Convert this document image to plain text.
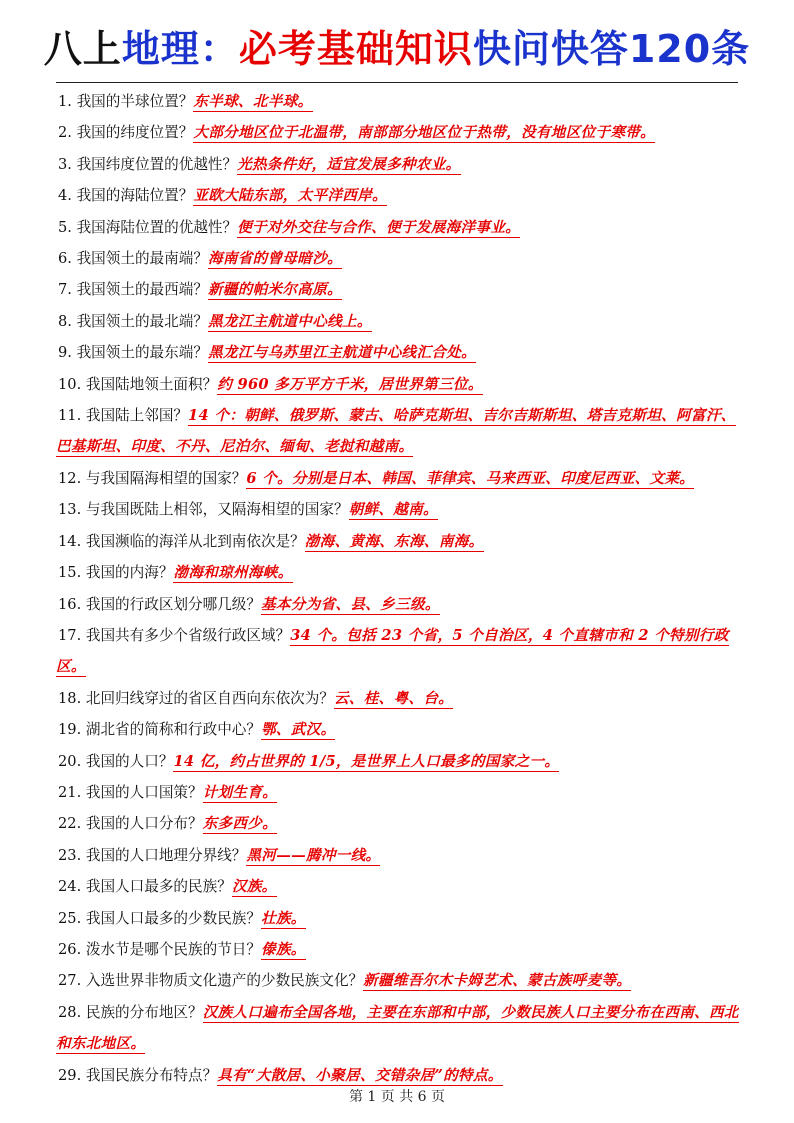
八上地理：必考基础知识快问快答120条
1. 我国的半球位置？东半球、北半球。
2. 我国的纬度位置？大部分地区位于北温带，南部部分地区位于热带，没有地区位于寒带。
3. 我国纬度位置的优越性？光热条件好，适宜发展多种农业。
4. 我国的海陆位置？亚欧大陆东部，太平洋西岸。
5. 我国海陆位置的优越性？便于对外交往与合作、便于发展海洋事业。
6. 我国领土的最南端？海南省的曾母暗沙。
7. 我国领土的最西端？新疆的帕米尔高原。
8. 我国领土的最北端？黑龙江主航道中心线上。
9. 我国领土的最东端？黑龙江与乌苏里江主航道中心线汇合处。
10. 我国陆地领土面积？约 960 多万平方千米，居世界第三位。
11. 我国陆上邻国？14 个：朝鲜、俄罗斯、蒙古、哈萨克斯坦、吉尔吉斯斯坦、塔吉克斯坦、阿富汗、巴基斯坦、印度、不丹、尼泊尔、缅甸、老挝和越南。
12. 与我国隔海相望的国家？6 个。分别是日本、韩国、菲律宾、马来西亚、印度尼西亚、文莱。
13. 与我国既陆上相邻，又隔海相望的国家？朝鲜、越南。
14. 我国濒临的海洋从北到南依次是？渤海、黄海、东海、南海。
15. 我国的内海？渤海和琼州海峡。
16. 我国的行政区划分哪几级？基本分为省、县、乡三级。
17. 我国共有多少个省级行政区域？34 个。包括 23 个省，5 个自治区，4 个直辖市和 2 个特别行政区。
18. 北回归线穿过的省区自西向东依次为？云、桂、粤、台。
19. 湖北省的简称和行政中心？鄂、武汉。
20. 我国的人口？14 亿，约占世界的 1/5，是世界上人口最多的国家之一。
21. 我国的人口国策？计划生育。
22. 我国的人口分布？东多西少。
23. 我国的人口地理分界线？黑河——腾冲一线。
24. 我国人口最多的民族？汉族。
25. 我国人口最多的少数民族？壮族。
26. 泼水节是哪个民族的节日？傣族。
27. 入选世界非物质文化遗产的少数民族文化？新疆维吾尔木卡姆艺术、蒙古族呼麦等。
28. 民族的分布地区？汉族人口遍布全国各地，主要在东部和中部，少数民族人口主要分布在西南、西北和东北地区。
29. 我国民族分布特点？具有“大散居、小聚居、交错杂居”的特点。
第 1 页 共 6 页
